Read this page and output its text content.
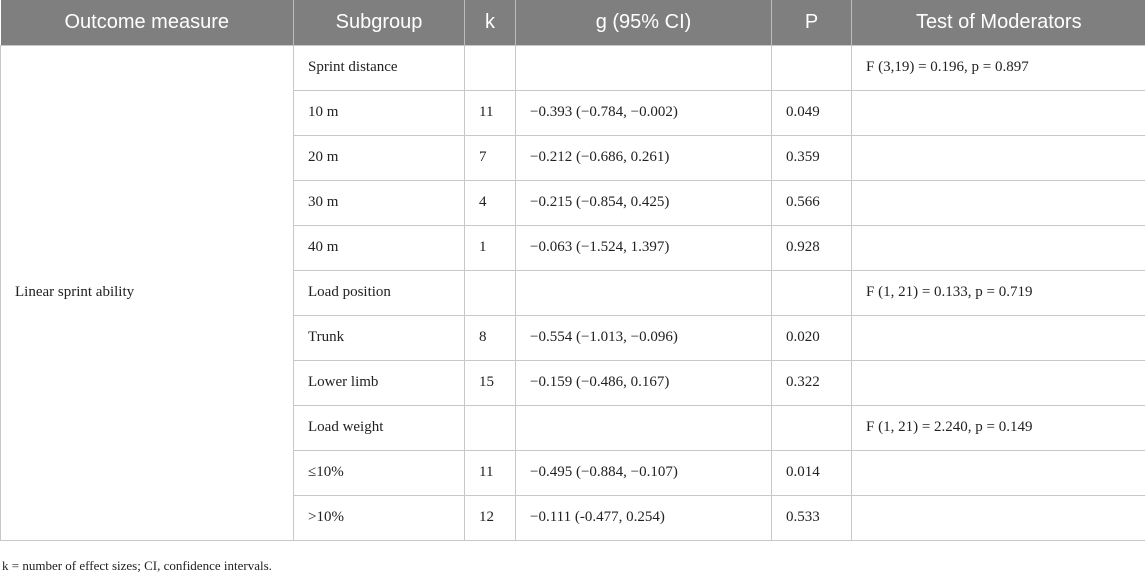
Outcome measure	Subgroup	k	g (95% CI)	P	Test of Moderators
Linear sprint ability	Sprint distance				F (3,19) = 0.196, p = 0.897
	10 m	11	−0.393 (−0.784, −0.002)	0.049	
	20 m	7	−0.212 (−0.686, 0.261)	0.359	
	30 m	4	−0.215 (−0.854, 0.425)	0.566	
	40 m	1	−0.063 (−1.524, 1.397)	0.928	
	Load position				F (1, 21) = 0.133, p = 0.719
	Trunk	8	−0.554 (−1.013, −0.096)	0.020	
	Lower limb	15	−0.159 (−0.486, 0.167)	0.322	
	Load weight				F (1, 21) = 2.240, p = 0.149
	≤10%	11	−0.495 (−0.884, −0.107)	0.014	
	>10%	12	−0.111 (-0.477, 0.254)	0.533	
k = number of effect sizes; CI, confidence intervals.
